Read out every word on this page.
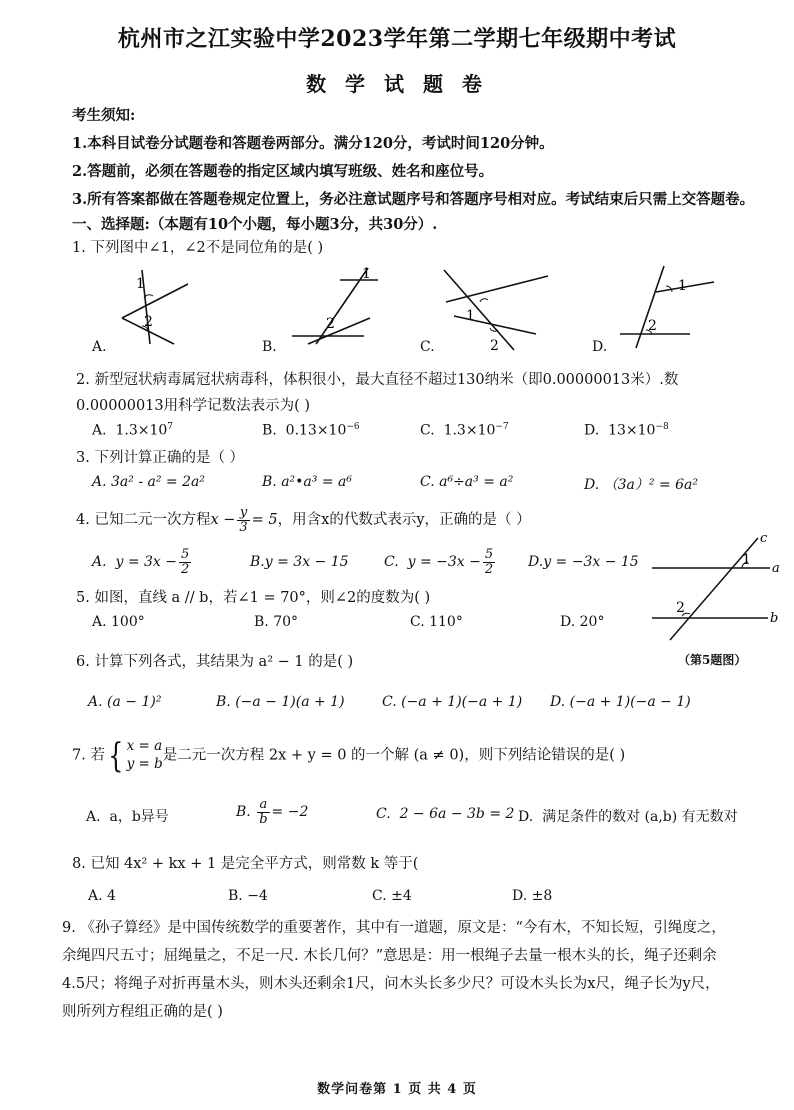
杭州市之江实验中学2023学年第二学期七年级期中考试
数 学 试 题 卷
考生须知:
1.本科目试卷分试题卷和答题卷两部分。满分120分，考试时间120分钟。
2.答题前，必须在答题卷的指定区域内填写班级、姓名和座位号。
3.所有答案都做在答题卷规定位置上，务必注意试题序号和答题序号相对应。考试结束后只需上交答题卷。
一、选择题:（本题有10个小题，每小题3分，共30分）.
1. 下列图中∠1，∠2不是同位角的是( )
1
2
1
2	1
2
1
2
A.	B.	C.	D.
2. 新型冠状病毒属冠状病毒科，体积很小，最大直径不超过130纳米（即0.00000013米）.数
0.00000013用科学记数法表示为( )
A. $1.3\times 10^7$	B. $0.13\times 10^{-6}$	C. $1.3\times 10^{-7}$	D. $13\times 10^{-8}$
3. 下列计算正确的是（ ）
A. 3a² - a² = 2a²	B. a²•a³ = a⁶	C. a⁶÷a³ = a²	D. （3a）² = 6a²
4. 已知二元一次方程$x - \frac{y}{3} = 5$，用含x的代数式表示y，正确的是（ ）
A. $y = 3x - \frac{5}{2}$	B.y = 3x − 15	C. $y = -3x - \frac{5}{2} D.y = -3x - 15$
c
a
b
1
2
（第5题图）
5. 如图，直线 a // b，若∠1 = 70°，则∠2的度数为( )
A. 100°	B. 70°	C. 110°	D. 20°
6. 计算下列各式，其结果为 a² − 1 的是( )
A. (a − 1)²	B. (−a − 1)(a + 1)	C. (−a + 1)(−a + 1) D. (−a + 1)(−a − 1)
7. 若{ x = a
y = b是二元一次方程 2x + y = 0 的一个解 (a ≠ 0)，则下列结论错误的是( )
A. a，b异号	B. $\frac{a}{b} = -2$	C. 2 − 6a − 3b = 2 D. 满足条件的数对 (a,b) 有无数对
8. 已知 4x² + kx + 1 是完全平方式，则常数 k 等于(
A. 4	B. −4	C. ±4	D. ±8
9. 《孙子算经》是中国传统数学的重要著作，其中有一道题，原文是：“今有木，不知长短，引绳度之，
余绳四尺五寸；屈绳量之，不足一尺. 木长几何？”意思是：用一根绳子去量一根木头的长，绳子还剩余
4.5尺；将绳子对折再量木头，则木头还剩余1尺，问木头长多少尺？可设木头长为x尺，绳子长为y尺，
则所列方程组正确的是( )
数学问卷第 1 页 共 4 页
